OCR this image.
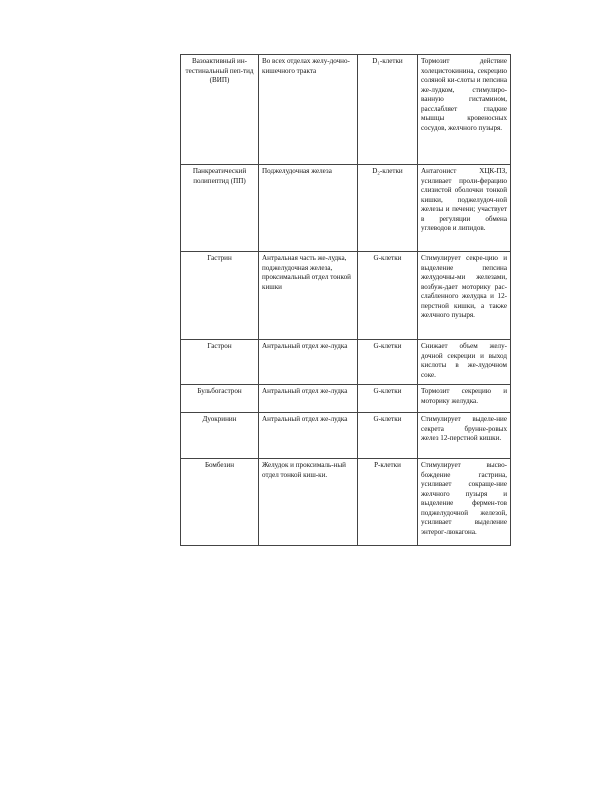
Вазоактивный ин-тестинальный пеп-тид (ВИП)	Во всех отделах желу-дочно-кишечного тракта	D₁-клетки	Тормозит действие холецистокинина, секрецию соляной ки-слоты и пепсина же-лудком, стимулиро-ванную гистамином, расслабляет гладкие мышцы кровеносных сосудов, желчного пузыря.
Панкреатический полипептид (ПП)	Поджелудочная железа	D₂-клетки	Антагонист ХЦК-ПЗ, усиливает проли-ферацию слизистой оболочки тонкой кишки, поджелудоч-ной железы и печени; участвует в регуляции обмена углеводов и липидов.
Гастрин	Антральная часть же-лудка, поджелудочная железа, проксимальный отдел тонкой кишки	G-клетки	Стимулирует секре-цию и выделение пепсина желудочны-ми железами, возбуж-дает моторику рас-слабленного желудка и 12-перстной кишки, а также желчного пузыря.
Гастрон	Антральный отдел же-лудка	G-клетки	Снижает объем желу-дочной секреции и выход кислоты в же-лудочном соке.
Бульбогастрон	Антральный отдел же-лудка	G-клетки	Тормозит секрецию и моторику желудка.
Дуокринин	Антральный отдел же-лудка	G-клетки	Стимулирует выделе-ние секрета бруннe-ровых желез 12-перстной кишки.
Бомбезин	Желудок и проксималь-ный отдел тонкой киш-ки.	Р-клетки	Стимулирует высво-бождение гастрина, усиливает сокраще-ние желчного пузыря и выделение фермен-тов поджелудочной железой, усиливает выделение энтерог-люкагона.
